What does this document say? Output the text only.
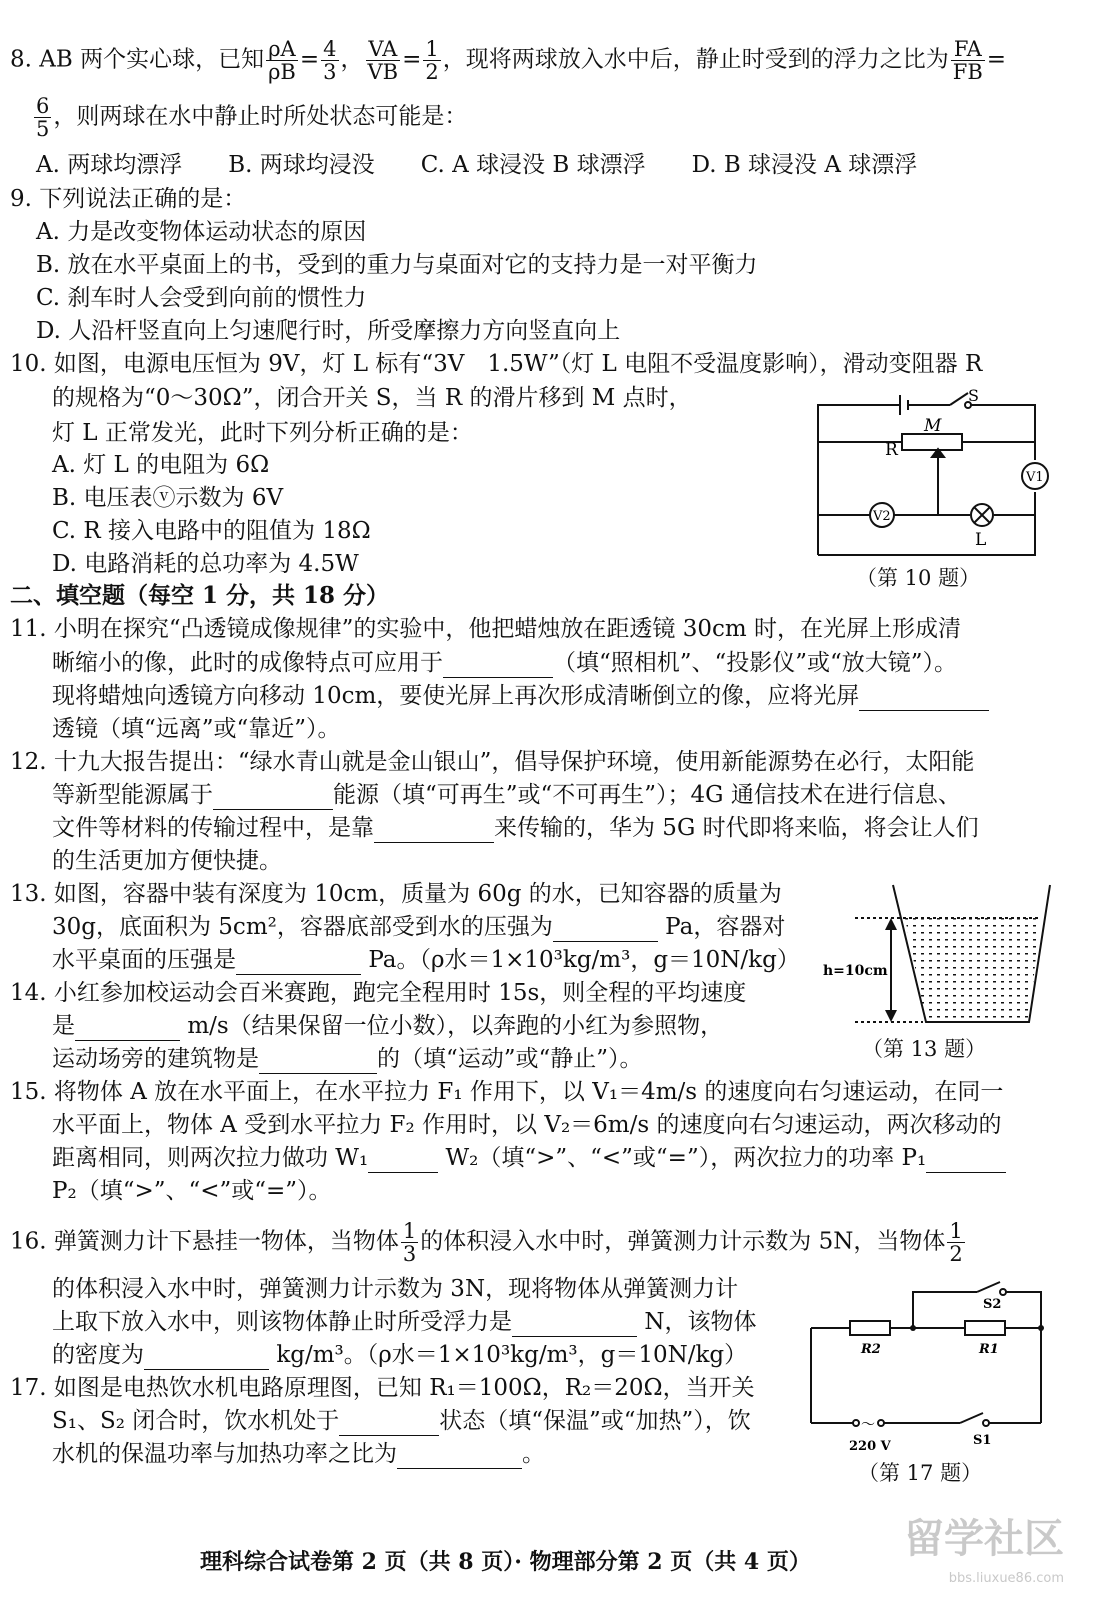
8. AB 两个实心球，已知 $\frac{\rho A}{\rho B} = \frac{4}{3}$ ， $\frac{VA}{VB} = \frac{1}{2}$ ，现将两球放入水中后，静止时受到的浮力之比为 $\frac{FA}{FB}$ =
$\frac{6}{5}$ ，则两球在水中静止时所处状态可能是：
A. 两球均漂浮　　B. 两球均浸没　　C. A 球浸没 B 球漂浮　　D. B 球浸没 A 球漂浮
9. 下列说法正确的是：
A. 力是改变物体运动状态的原因
B. 放在水平桌面上的书，受到的重力与桌面对它的支持力是一对平衡力
C. 刹车时人会受到向前的惯性力
D. 人沿杆竖直向上匀速爬行时，所受摩擦力方向竖直向上
10. 如图，电源电压恒为 9V，灯 L 标有“3V　1.5W”（灯 L 电阻不受温度影响），滑动变阻器 R
的规格为“0～30Ω”，闭合开关 S，当 R 的滑片移到 M 点时，
灯 L 正常发光，此时下列分析正确的是：
A. 灯 L 的电阻为 6Ω
B. 电压表ⓥ示数为 6V
C. R 接入电路中的阻值为 18Ω
D. 电路消耗的总功率为 4.5W
S
M
R
V1
V2
L
（第 10 题）
二、填空题（每空 1 分，共 18 分）
11. 小明在探究“凸透镜成像规律”的实验中，他把蜡烛放在距透镜 30cm 时，在光屏上形成清
晰缩小的像，此时的成像特点可应用于	（填“照相机”、“投影仪”或“放大镜”）。
现将蜡烛向透镜方向移动 10cm，要使光屏上再次形成清晰倒立的像，应将光屏
透镜（填“远离”或“靠近”）。
12. 十九大报告提出：“绿水青山就是金山银山”，倡导保护环境，使用新能源势在必行，太阳能
等新型能源属于	能源（填“可再生”或“不可再生”）；4G 通信技术在进行信息、
文件等材料的传输过程中，是靠	来传输的，华为 5G 时代即将来临，将会让人们
的生活更加方便快捷。
13. 如图，容器中装有深度为 10cm，质量为 60g 的水，已知容器的质量为
30g，底面积为 5cm²，容器底部受到水的压强为	Pa，容器对
水平桌面的压强是	Pa。（ρ水＝1×10³kg/m³，g＝10N/kg） h=10cm
（第 13 题）
14. 小红参加校运动会百米赛跑，跑完全程用时 15s，则全程的平均速度
是	m/s（结果保留一位小数），以奔跑的小红为参照物，
运动场旁的建筑物是	的（填“运动”或“静止”）。
15. 将物体 A 放在水平面上，在水平拉力 F₁ 作用下，以 V₁＝4m/s 的速度向右匀速运动，在同一
水平面上，物体 A 受到水平拉力 F₂ 作用时，以 V₂＝6m/s 的速度向右匀速运动，两次移动的
距离相同，则两次拉力做功 W₁	W₂（填“>”、“<”或“=”），两次拉力的功率 P₁
P₂（填“>”、“<”或“=”）。
16. 弹簧测力计下悬挂一物体，当物体 $\frac{1}{3}$ 的体积浸入水中时，弹簧测力计示数为 5N，当物体 $\frac{1}{2}$
的体积浸入水中时，弹簧测力计示数为 3N，现将物体从弹簧测力计
上取下放入水中，则该物体静止时所受浮力是	N，该物体
的密度为	kg/m³。（ρ水＝1×10³kg/m³，g＝10N/kg）
17. 如图是电热饮水机电路原理图，已知 R₁＝100Ω，R₂＝20Ω，当开关
S₁、S₂ 闭合时，饮水机处于	状态（填“保温”或“加热”），饮
水机的保温功率与加热功率之比为	。
S2
R2	R1
～
220 V	S1
（第 17 题）
理科综合试卷第 2 页（共 8 页）· 物理部分第 2 页（共 4 页） 留学社区
bbs.liuxue86.com
